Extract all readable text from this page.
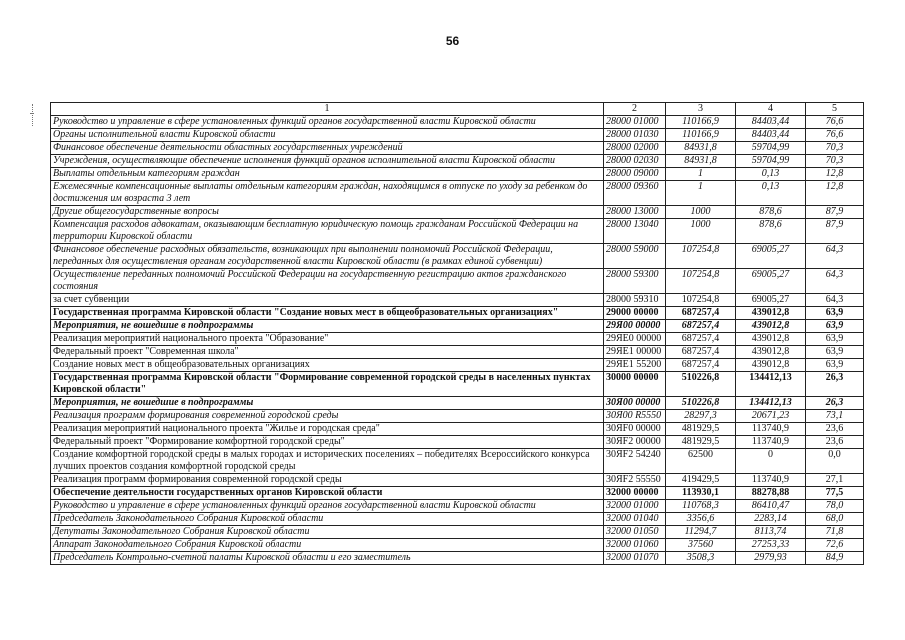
56
1	2	3	4	5
Руководство и управление в сфере установленных функций органов государственной власти Кировской области	28000 01000	110166,9	84403,44	76,6
Органы исполнительной власти Кировской области	28000 01030	110166,9	84403,44	76,6
Финансовое обеспечение деятельности областных государственных учреждений	28000 02000	84931,8	59704,99	70,3
Учреждения, осуществляющие обеспечение исполнения функций органов исполнительной власти Кировской области	28000 02030	84931,8	59704,99	70,3
Выплаты отдельным категориям граждан	28000 09000	1	0,13	12,8
Ежемесячные компенсационные выплаты отдельным категориям граждан, находящимся в отпуске по уходу за ребенком до достижения им возраста 3 лет	28000 09360	1	0,13	12,8
Другие общегосударственные вопросы	28000 13000	1000	878,6	87,9
Компенсация расходов адвокатам, оказывающим бесплатную юридическую помощь гражданам Российской Федерации на территории Кировской области	28000 13040	1000	878,6	87,9
Финансовое обеспечение расходных обязательств, возникающих при выполнении полномочий Российской Федерации, переданных для осуществления органам государственной власти Кировской области (в рамках единой субвенции)	28000 59000	107254,8	69005,27	64,3
Осуществление переданных полномочий Российской Федерации на государственную регистрацию актов гражданского состояния	28000 59300	107254,8	69005,27	64,3
за счет субвенции	28000 59310	107254,8	69005,27	64,3
Государственная программа Кировской области "Создание новых мест в общеобразовательных организациях"	29000 00000	687257,4	439012,8	63,9
Мероприятия, не вошедшие в подпрограммы	29Я00 00000	687257,4	439012,8	63,9
Реализация мероприятий национального проекта "Образование"	29ЯЕ0 00000	687257,4	439012,8	63,9
Федеральный проект "Современная школа"	29ЯЕ1 00000	687257,4	439012,8	63,9
Создание новых мест в общеобразовательных организациях	29ЯЕ1 55200	687257,4	439012,8	63,9
Государственная программа Кировской области "Формирование современной городской среды в населенных пунктах Кировской области"	30000 00000	510226,8	134412,13	26,3
Мероприятия, не вошедшие в подпрограммы	30Я00 00000	510226,8	134412,13	26,3
Реализация программ формирования современной городской среды	30Я00 R5550	28297,3	20671,23	73,1
Реализация мероприятий национального проекта "Жилье и городская среда"	30ЯF0 00000	481929,5	113740,9	23,6
Федеральный проект "Формирование комфортной городской среды"	30ЯF2 00000	481929,5	113740,9	23,6
Создание комфортной городской среды в малых городах и исторических поселениях – победителях Всероссийского конкурса лучших проектов создания комфортной городской среды	30ЯF2 54240	62500	0	0,0
Реализация программ формирования современной городской среды	30ЯF2 55550	419429,5	113740,9	27,1
Обеспечение деятельности государственных органов Кировской области	32000 00000	113930,1	88278,88	77,5
Руководство и управление в сфере установленных функций органов государственной власти Кировской области	32000 01000	110768,3	86410,47	78,0
Председатель Законодательного Собрания Кировской области	32000 01040	3356,6	2283,14	68,0
Депутаты Законодательного Собрания Кировской области	32000 01050	11294,7	8113,74	71,8
Аппарат Законодательного Собрания Кировской области	32000 01060	37560	27253,33	72,6
Председатель Контрольно-счетной палаты Кировской области и его заместитель	32000 01070	3508,3	2979,93	84,9
